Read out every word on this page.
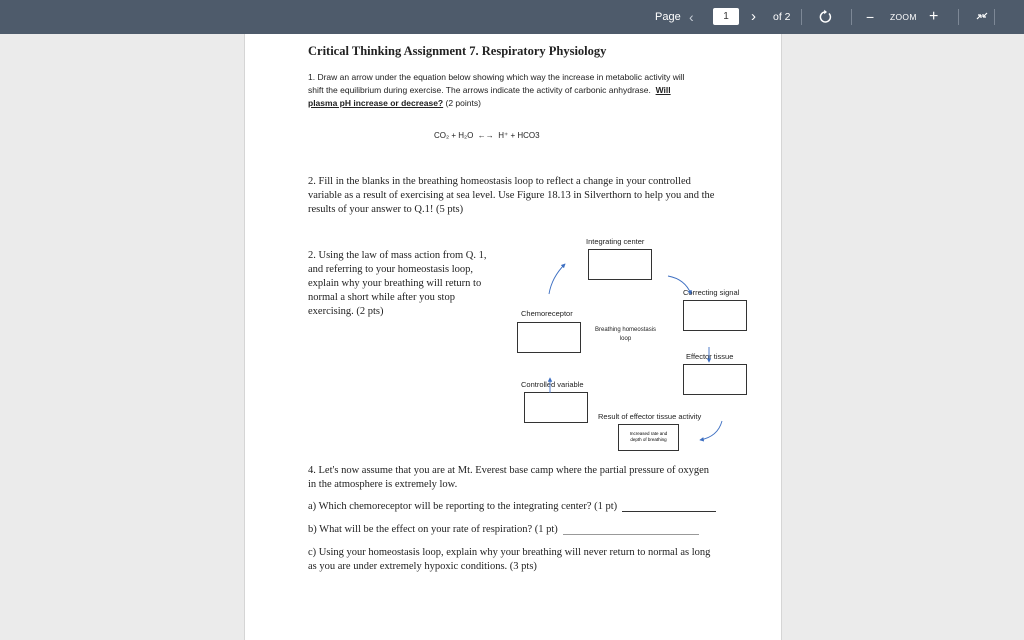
Page ‹	1	› of 2	− ZOOM +
Critical Thinking Assignment 7. Respiratory Physiology
1. Draw an arrow under the equation below showing which way the increase in metabolic activity will
shift the equilibrium during exercise. The arrows indicate the activity of carbonic anhydrase. Will
plasma pH increase or decrease? (2 points)
CO₂ + H₂O  ←→  H⁺ + HCO3
2. Fill in the blanks in the breathing homeostasis loop to reflect a change in your controlled
variable as a result of exercising at sea level. Use Figure 18.13 in Silverthorn to help you and the
results of your answer to Q.1! (5 pts)
2. Using the law of mass action from Q. 1,
and referring to your homeostasis loop,
explain why your breathing will return to
normal a short while after you stop
exercising. (2 pts)
Integrating center
Correcting signal
Chemoreceptor
Breathing homeostasis
loop
Effector tissue
Controlled variable
Result of effector tissue activity
Increased rate and
depth of breathing
4. Let's now assume that you are at Mt. Everest base camp where the partial pressure of oxygen
in the atmosphere is extremely low.
a) Which chemoreceptor will be reporting to the integrating center? (1 pt)
b) What will be the effect on your rate of respiration? (1 pt)
c) Using your homeostasis loop, explain why your breathing will never return to normal as long
as you are under extremely hypoxic conditions. (3 pts)
